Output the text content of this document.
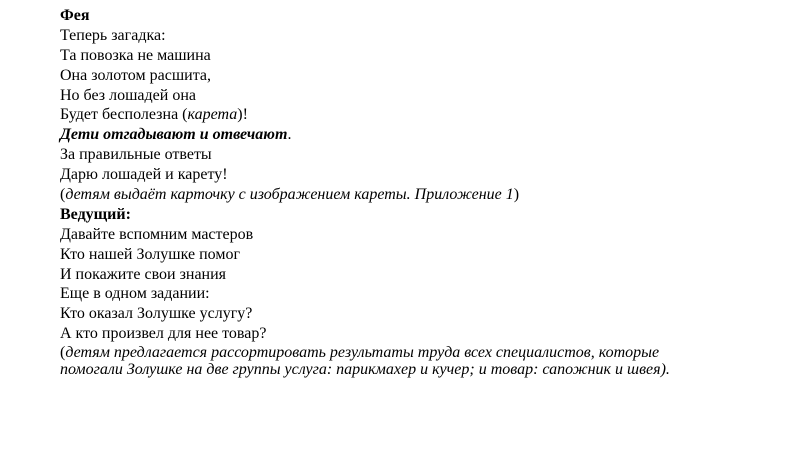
Фея
Теперь загадка:
Та повозка не машина
Она золотом расшита,
Но без лошадей она
Будет бесполезна (карета)!
Дети отгадывают и отвечают.
За правильные ответы
Дарю лошадей и карету!
(детям выдаёт карточку с изображением кареты. Приложение 1)
Ведущий:
Давайте вспомним мастеров
Кто нашей Золушке помог
И покажите свои знания
Еще в одном задании:
Кто оказал Золушке услугу?
А кто произвел для нее товар?
(детям предлагается рассортировать результаты труда всех специалистов, которые помогали Золушке на две группы услуга: парикмахер и кучер; и товар: сапожник и швея).
